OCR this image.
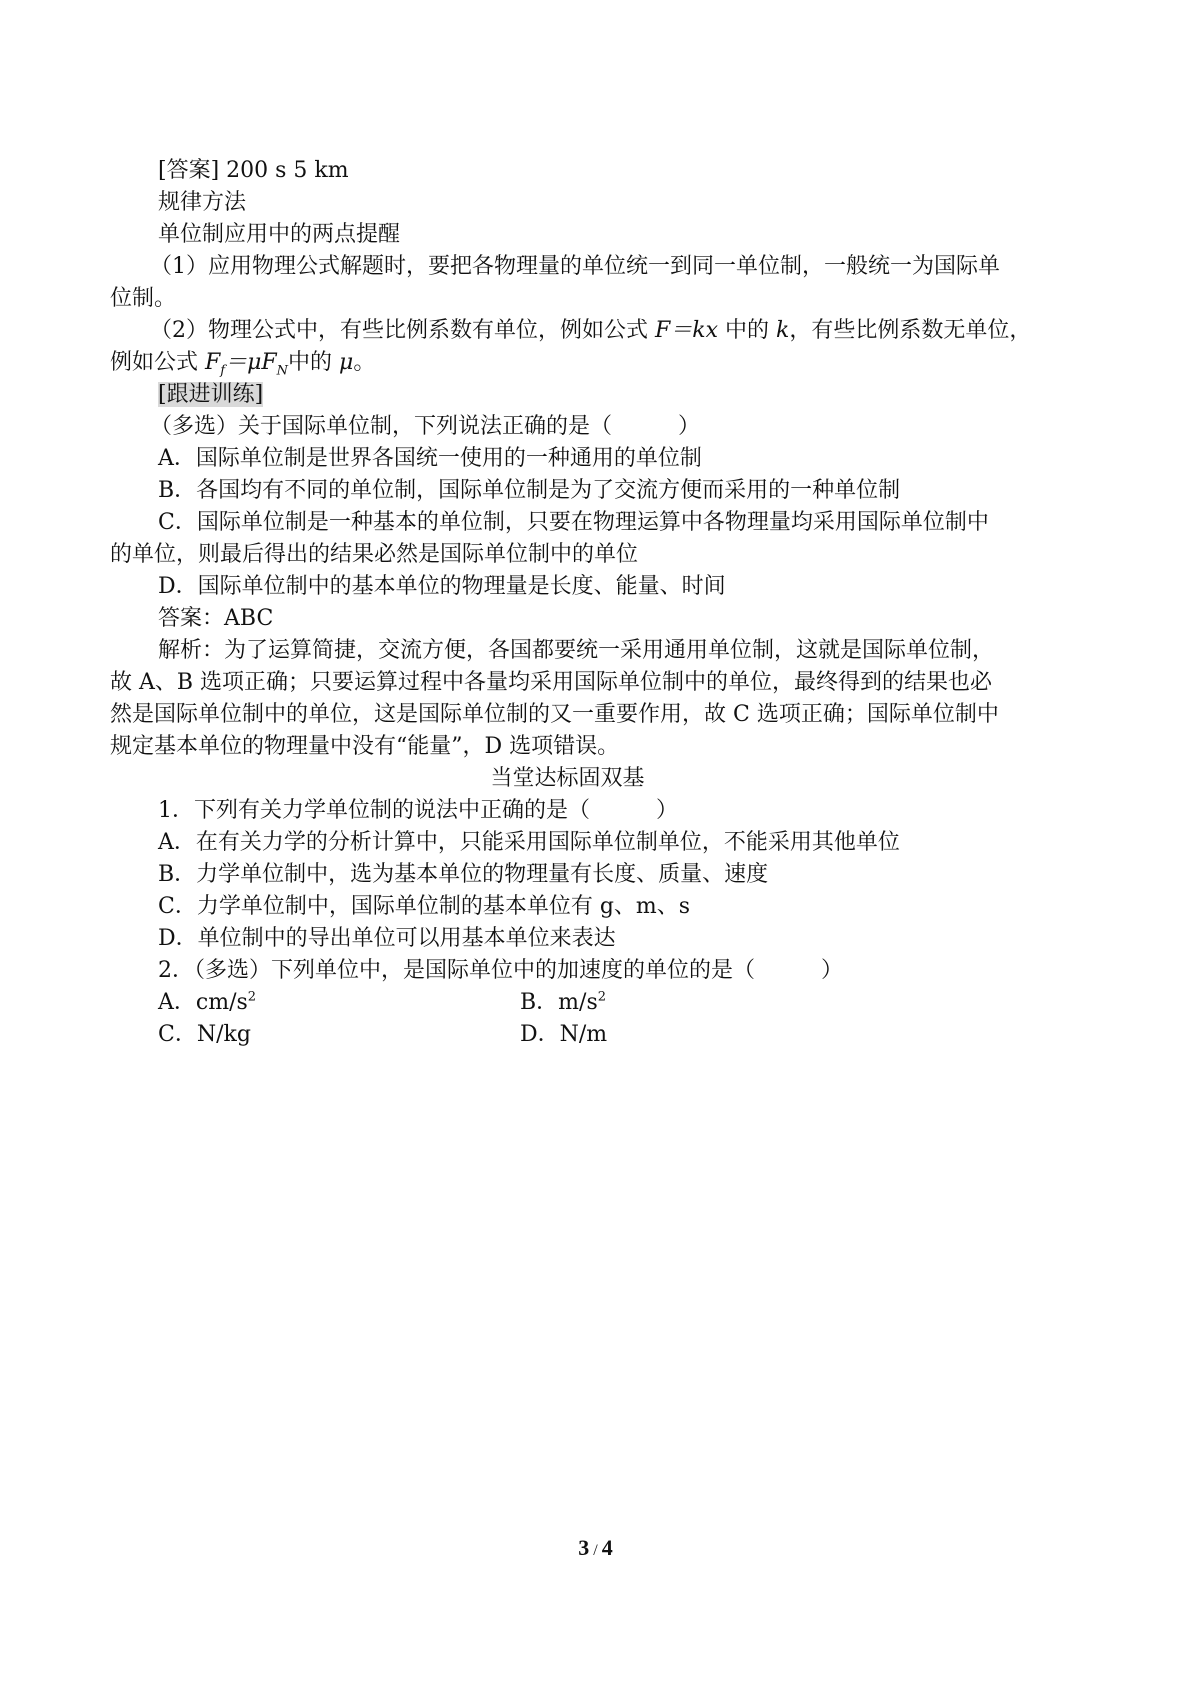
[答案] 200 s 5 km

规律方法

单位制应用中的两点提醒

（1）应用物理公式解题时，要把各物理量的单位统一到同一单位制，一般统一为国际单

位制。

（2）物理公式中，有些比例系数有单位，例如公式 F＝kx 中的 k，有些比例系数无单位，

例如公式 $F_f=\mu F_N$中的 μ。

[跟进训练]

（多选）关于国际单位制，下列说法正确的是（　　　）

A．国际单位制是世界各国统一使用的一种通用的单位制

B．各国均有不同的单位制，国际单位制是为了交流方便而采用的一种单位制

C．国际单位制是一种基本的单位制，只要在物理运算中各物理量均采用国际单位制中

的单位，则最后得出的结果必然是国际单位制中的单位

D．国际单位制中的基本单位的物理量是长度、能量、时间

答案：ABC

解析：为了运算简捷，交流方便，各国都要统一采用通用单位制，这就是国际单位制，

故 A、B 选项正确；只要运算过程中各量均采用国际单位制中的单位，最终得到的结果也必

然是国际单位制中的单位，这是国际单位制的又一重要作用，故 C 选项正确；国际单位制中

规定基本单位的物理量中没有“能量”，D 选项错误。

当堂达标固双基

1．下列有关力学单位制的说法中正确的是（　　　）

A．在有关力学的分析计算中，只能采用国际单位制单位，不能采用其他单位

B．力学单位制中，选为基本单位的物理量有长度、质量、速度

C．力学单位制中，国际单位制的基本单位有 g、m、s

D．单位制中的导出单位可以用基本单位来表达

2．（多选）下列单位中，是国际单位中的加速度的单位的是（　　　）

A．$cm/s^2$	B．$m/s^2$
C．N/kg	D．N/m
3 / 4
